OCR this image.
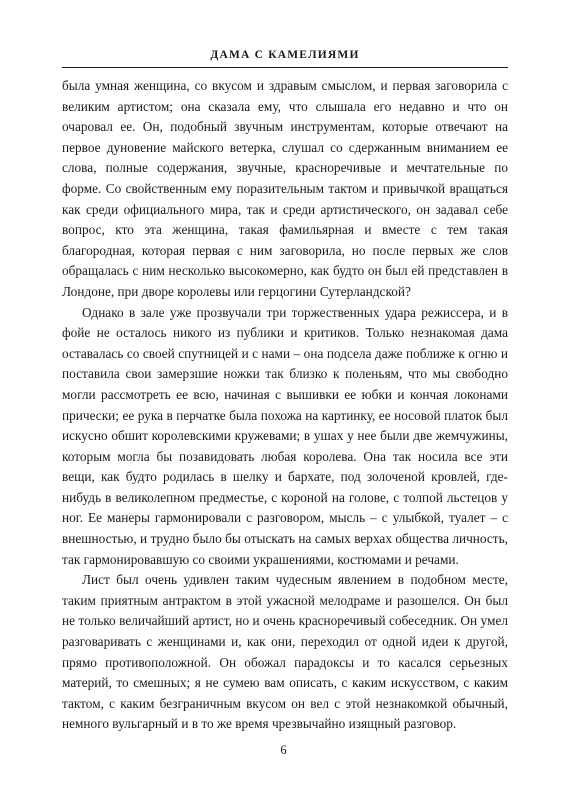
ДАМА С КАМЕЛИЯМИ

была умная женщина, со вкусом и здравым смыслом, и первая заговорила с великим артистом; она сказала ему, что слышала его недавно и что он очаровал ее. Он, подобный звучным инструментам, которые отвечают на первое дуновение майского ветерка, слушал со сдержанным вниманием ее слова, полные содержания, звучные, красноречивые и мечтательные по форме. Со свойственным ему поразительным тактом и привычкой вращаться как среди официального мира, так и среди артистического, он задавал себе вопрос, кто эта женщина, такая фамильярная и вместе с тем такая благородная, которая первая с ним заговорила, но после первых же слов обращалась с ним несколько высокомерно, как будто он был ей представлен в Лондоне, при дворе королевы или герцогини Сутерландской?

Однако в зале уже прозвучали три торжественных удара режиссера, и в фойе не осталось никого из публики и критиков. Только незнакомая дама оставалась со своей спутницей и с нами – она подсела даже поближе к огню и поставила свои замерзшие ножки так близко к поленьям, что мы свободно могли рассмотреть ее всю, начиная с вышивки ее юбки и кончая локонами прически; ее рука в перчатке была похожа на картинку, ее носовой платок был искусно обшит королевскими кружевами; в ушах у нее были две жемчужины, которым могла бы позавидовать любая королева. Она так носила все эти вещи, как будто родилась в шелку и бархате, под золоченой кровлей, где-нибудь в великолепном предместье, с короной на голове, с толпой льстецов у ног. Ее манеры гармонировали с разговором, мысль – с улыбкой, туалет – с внешностью, и трудно было бы отыскать на самых верхах общества личность, так гармонировавшую со своими украшениями, костюмами и речами.

Лист был очень удивлен таким чудесным явлением в подобном месте, таким приятным антрактом в этой ужасной мелодраме и разошелся. Он был не только величайший артист, но и очень красноречивый собеседник. Он умел разговаривать с женщинами и, как они, переходил от одной идеи к другой, прямо противоположной. Он обожал парадоксы и то касался серьезных материй, то смешных; я не сумею вам описать, с каким искусством, с каким тактом, с каким безграничным вкусом он вел с этой незнакомкой обычный, немного вульгарный и в то же время чрезвычайно изящный разговор.

6
